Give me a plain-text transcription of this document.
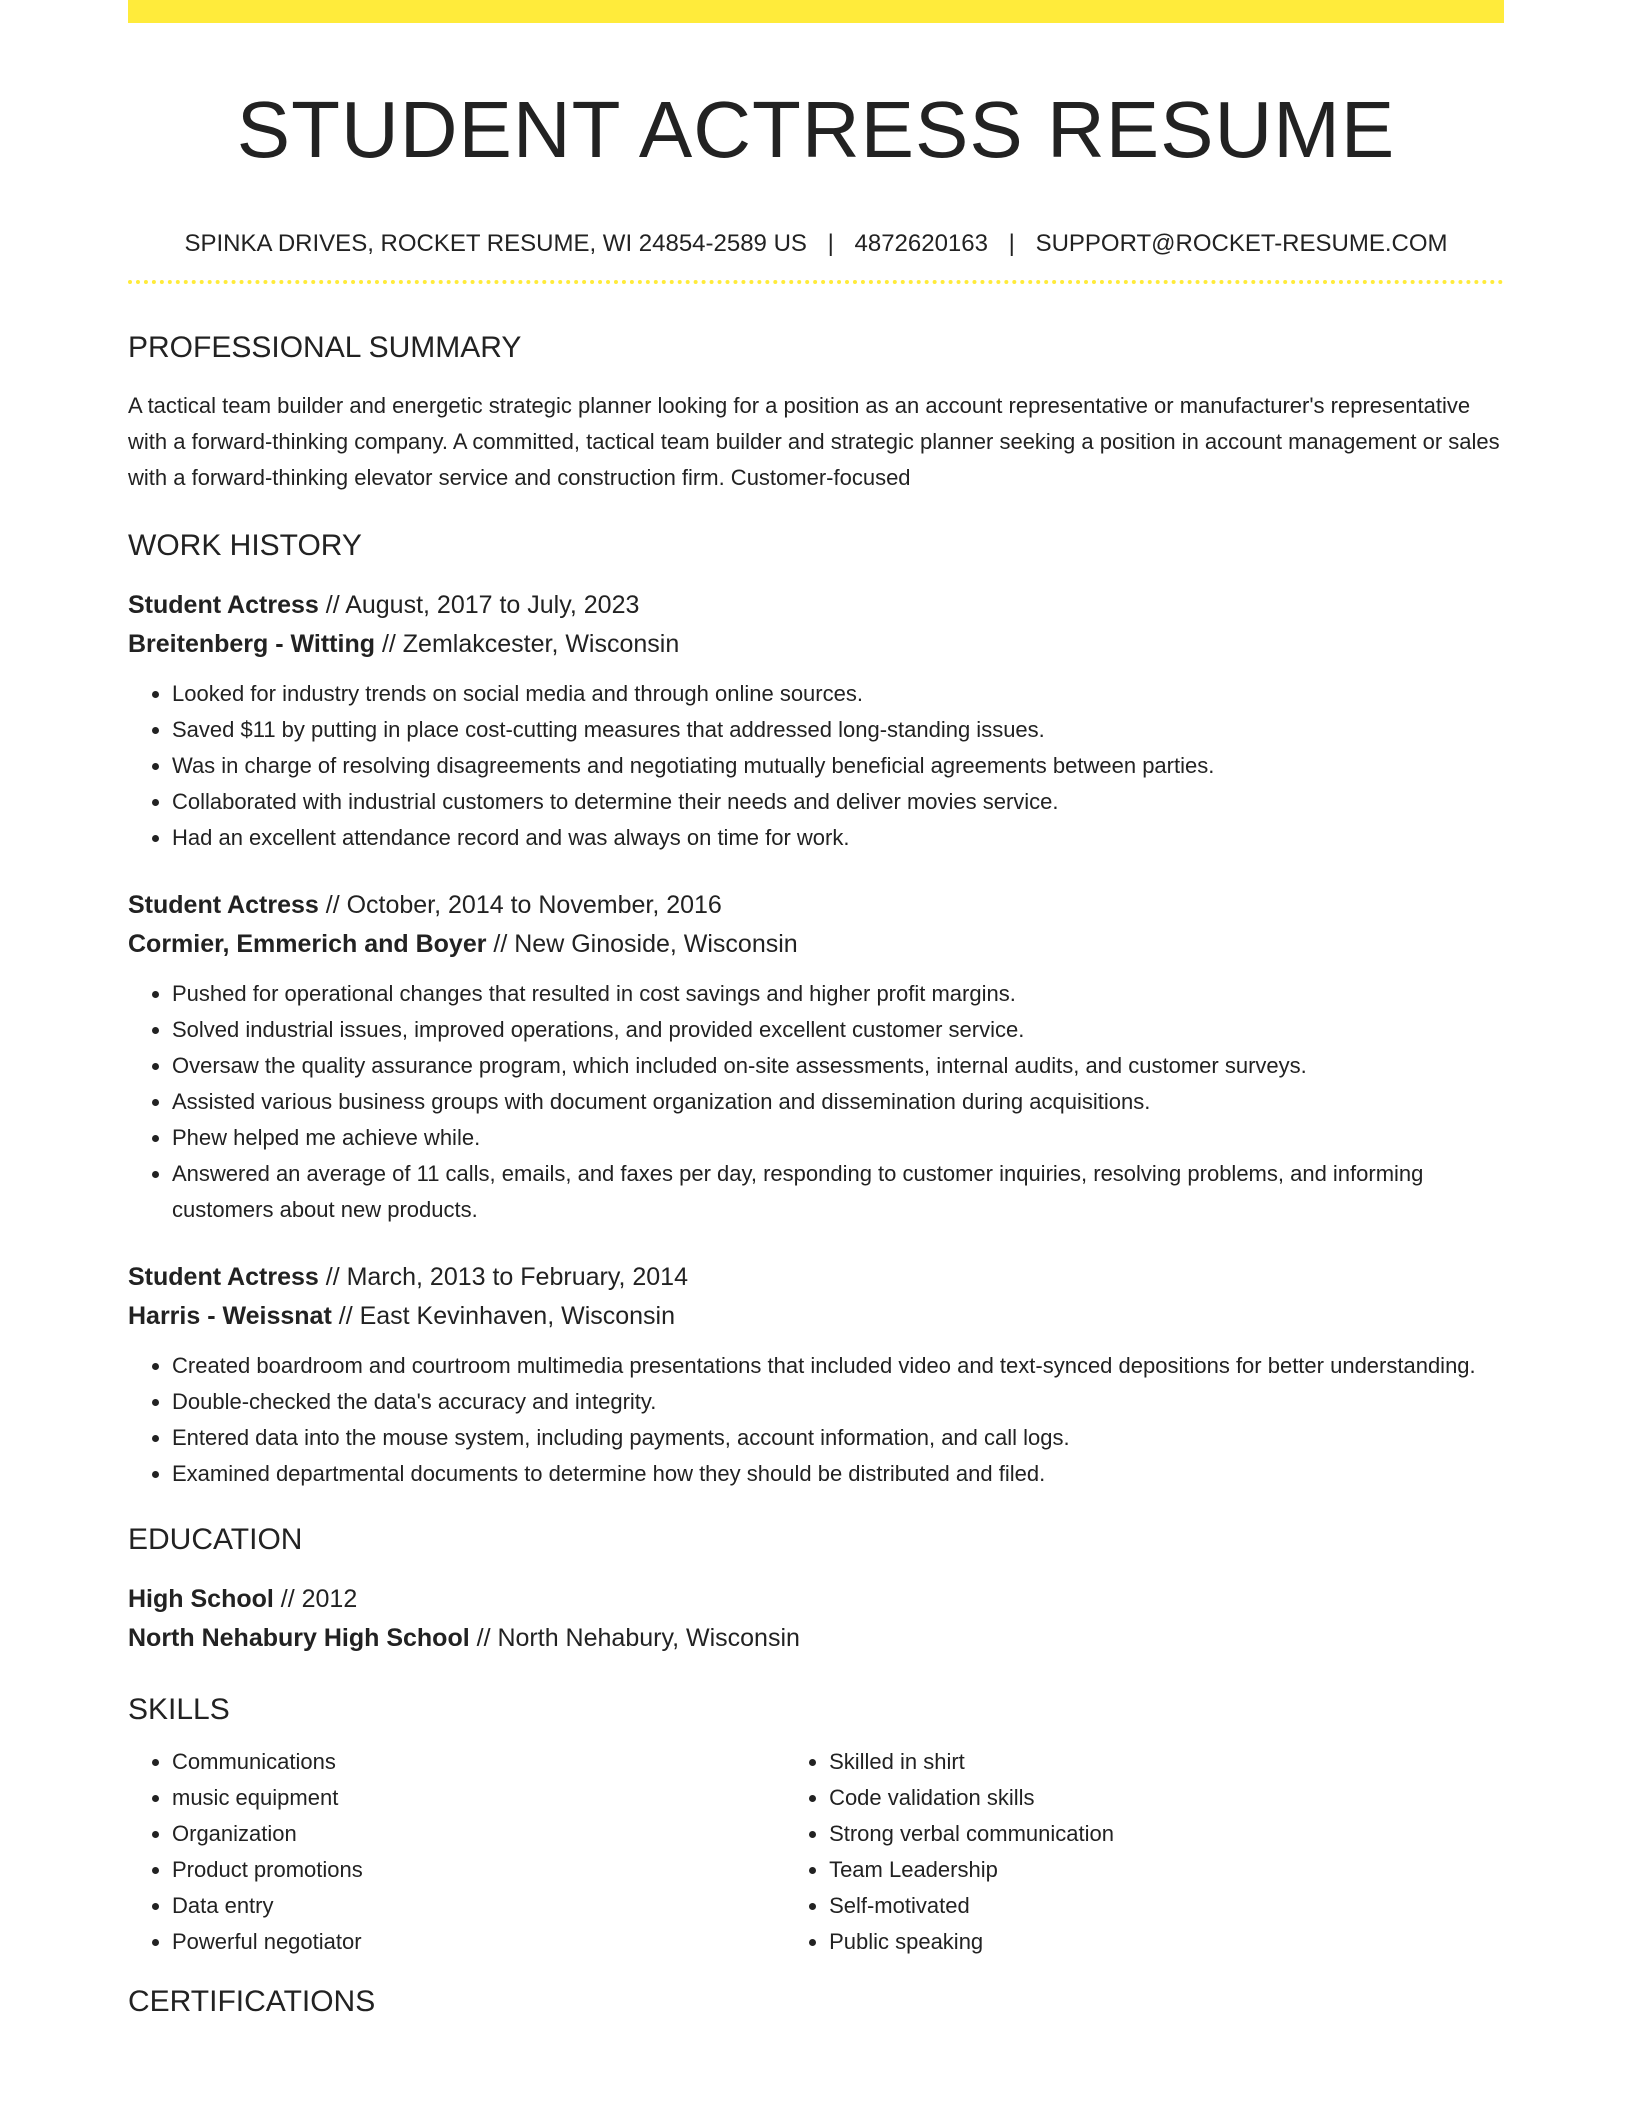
STUDENT ACTRESS RESUME
SPINKA DRIVES, ROCKET RESUME, WI 24854-2589 US | 4872620163 | SUPPORT@ROCKET-RESUME.COM
PROFESSIONAL SUMMARY
A tactical team builder and energetic strategic planner looking for a position as an account representative or manufacturer's representative with a forward-thinking company. A committed, tactical team builder and strategic planner seeking a position in account management or sales with a forward-thinking elevator service and construction firm. Customer-focused
WORK HISTORY
Student Actress // August, 2017 to July, 2023
Breitenberg - Witting // Zemlakcester, Wisconsin
• Looked for industry trends on social media and through online sources.
• Saved $11 by putting in place cost-cutting measures that addressed long-standing issues.
• Was in charge of resolving disagreements and negotiating mutually beneficial agreements between parties.
• Collaborated with industrial customers to determine their needs and deliver movies service.
• Had an excellent attendance record and was always on time for work.
Student Actress // October, 2014 to November, 2016
Cormier, Emmerich and Boyer // New Ginoside, Wisconsin
• Pushed for operational changes that resulted in cost savings and higher profit margins.
• Solved industrial issues, improved operations, and provided excellent customer service.
• Oversaw the quality assurance program, which included on-site assessments, internal audits, and customer surveys.
• Assisted various business groups with document organization and dissemination during acquisitions.
• Phew helped me achieve while.
• Answered an average of 11 calls, emails, and faxes per day, responding to customer inquiries, resolving problems, and informing customers about new products.
Student Actress // March, 2013 to February, 2014
Harris - Weissnat // East Kevinhaven, Wisconsin
• Created boardroom and courtroom multimedia presentations that included video and text-synced depositions for better understanding.
• Double-checked the data's accuracy and integrity.
• Entered data into the mouse system, including payments, account information, and call logs.
• Examined departmental documents to determine how they should be distributed and filed.
EDUCATION
High School // 2012
North Nehabury High School // North Nehabury, Wisconsin
SKILLS
• Communications
• music equipment
• Organization
• Product promotions
• Data entry
• Powerful negotiator
• Skilled in shirt
• Code validation skills
• Strong verbal communication
• Team Leadership
• Self-motivated
• Public speaking
CERTIFICATIONS
